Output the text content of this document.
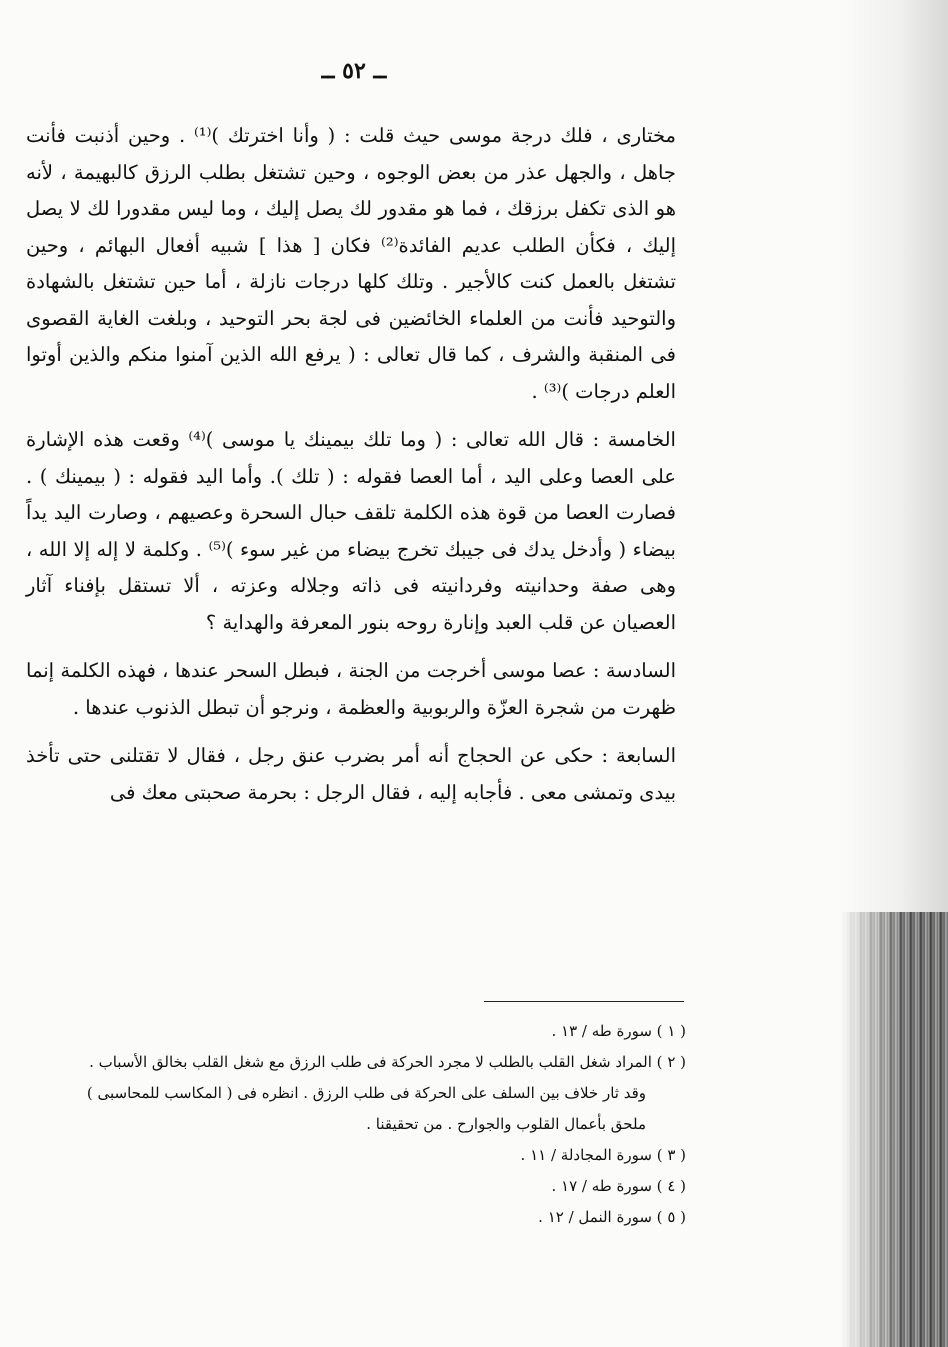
ــ ٥٢ ــ

مختارى ، فلك درجة موسى حيث قلت : ( وأنا اخترتك )⁽¹⁾ . وحين أذنبت فأنت جاهل ، والجهل عذر من بعض الوجوه ، وحين تشتغل بطلب الرزق كالبهيمة ، لأنه هو الذى تكفل برزقك ، فما هو مقدور لك يصل إليك ، وما ليس مقدورا لك لا يصل إليك ، فكأن الطلب عديم الفائدة⁽²⁾ فكان [ هذا ] شبيه أفعال البهائم ، وحين تشتغل بالعمل كنت كالأجير . وتلك كلها درجات نازلة ، أما حين تشتغل بالشهادة والتوحيد فأنت من العلماء الخائضين فى لجة بحر التوحيد ، وبلغت الغاية القصوى فى المنقبة والشرف ، كما قال تعالى : ( يرفع الله الذين آمنوا منكم والذين أوتوا العلم درجات )⁽³⁾ .

الخامسة : قال الله تعالى : ( وما تلك بيمينك يا موسى )⁽⁴⁾ وقعت هذه الإشارة على العصا وعلى اليد ، أما العصا فقوله : ( تلك ). وأما اليد فقوله : ( بيمينك ) . فصارت العصا من قوة هذه الكلمة تلقف حبال السحرة وعصيهم ، وصارت اليد يداً بيضاء ( وأدخل يدك فى جيبك تخرج بيضاء من غير سوء )⁽⁵⁾ . وكلمة لا إله إلا الله ، وهى صفة وحدانيته وفردانيته فى ذاته وجلاله وعزته ، ألا تستقل بإفناء آثار العصيان عن قلب العبد وإنارة روحه بنور المعرفة والهداية ؟

السادسة : عصا موسى أخرجت من الجنة ، فبطل السحر عندها ، فهذه الكلمة إنما ظهرت من شجرة العزّة والربوبية والعظمة ، ونرجو أن تبطل الذنوب عندها .

السابعة : حكى عن الحجاج أنه أمر بضرب عنق رجل ، فقال لا تقتلنى حتى تأخذ بيدى وتمشى معى . فأجابه إليه ، فقال الرجل : بحرمة صحبتى معك فى

( ١ ) سورة طه / ١٣ .

( ٢ ) المراد شغل القلب بالطلب لا مجرد الحركة فى طلب الرزق مع شغل القلب بخالق الأسباب .

وقد ثار خلاف بين السلف على الحركة فى طلب الرزق . انظره فى ( المكاسب للمحاسبى )

ملحق بأعمال القلوب والجوارح . من تحقيقنا .

( ٣ ) سورة المجادلة / ١١ .

( ٤ ) سورة طه / ١٧ .

( ٥ ) سورة النمل / ١٢ .
